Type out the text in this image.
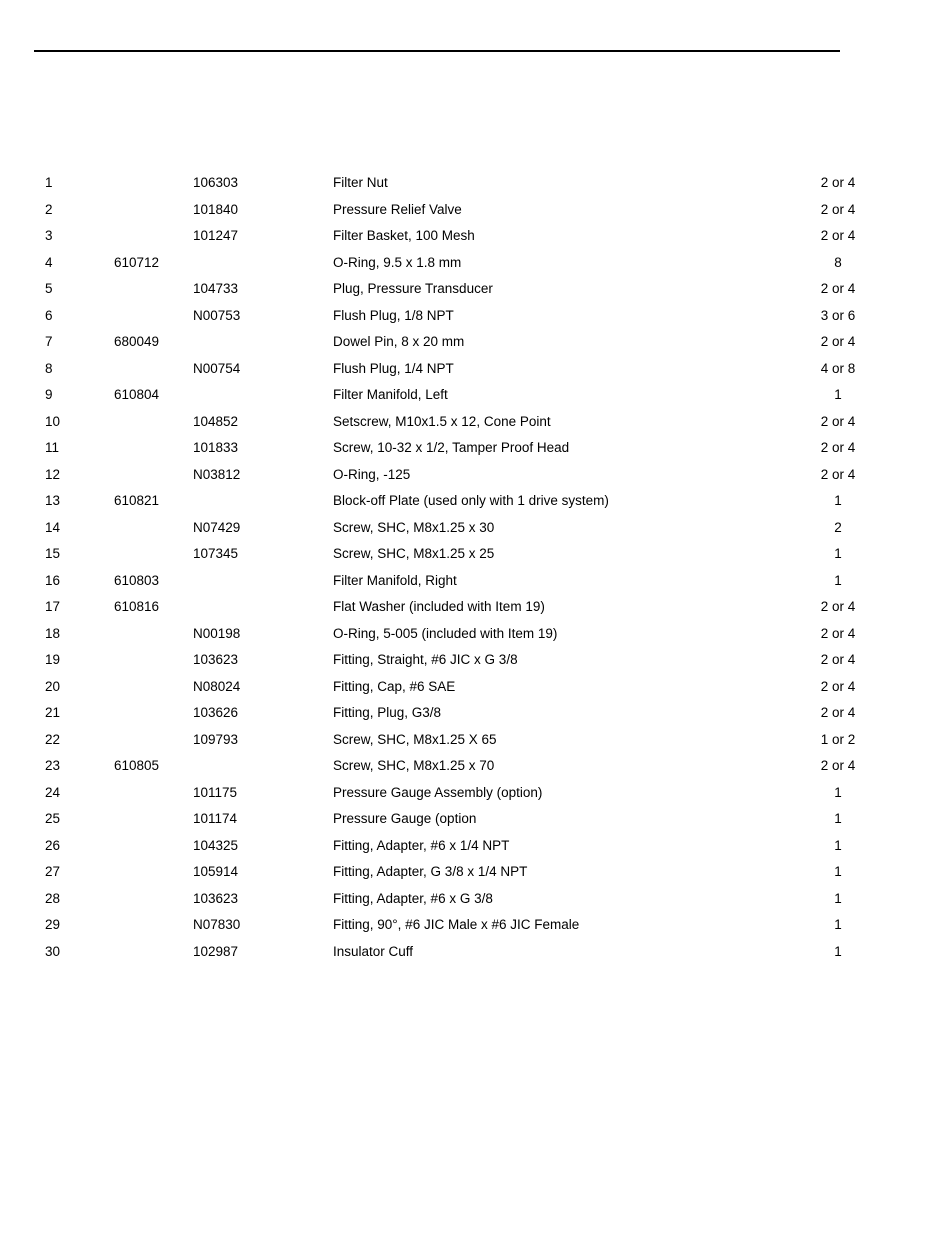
1	106303	Filter Nut	2 or 4
2	101840	Pressure Relief Valve	2 or 4
3	101247	Filter Basket, 100 Mesh	2 or 4
4	610712	O-Ring, 9.5 x 1.8 mm	8
5	104733	Plug, Pressure Transducer	2 or 4
6	N00753	Flush Plug, 1/8 NPT	3 or 6
7	680049	Dowel Pin, 8 x 20 mm	2 or 4
8	N00754	Flush Plug, 1/4 NPT	4 or 8
9	610804	Filter Manifold, Left	1
10	104852	Setscrew, M10x1.5 x 12, Cone Point	2 or 4
11	101833	Screw, 10-32 x 1/2, Tamper Proof Head	2 or 4
12	N03812	O-Ring, -125	2 or 4
13	610821	Block-off Plate (used only with 1 drive system)	1
14	N07429	Screw, SHC, M8x1.25 x 30	2
15	107345	Screw, SHC, M8x1.25 x 25	1
16	610803	Filter Manifold, Right	1
17	610816	Flat Washer (included with Item 19)	2 or 4
18	N00198	O-Ring, 5-005 (included with Item 19)	2 or 4
19	103623	Fitting, Straight, #6 JIC x G 3/8	2 or 4
20	N08024	Fitting, Cap, #6 SAE	2 or 4
21	103626	Fitting, Plug, G3/8	2 or 4
22	109793	Screw, SHC, M8x1.25 X 65	1 or 2
23	610805	Screw, SHC, M8x1.25 x 70	2 or 4
24	101175	Pressure Gauge Assembly (option)	1
25	101174	Pressure Gauge (option	1
26	104325	Fitting, Adapter, #6 x 1/4 NPT	1
27	105914	Fitting, Adapter, G 3/8 x 1/4 NPT	1
28	103623	Fitting, Adapter, #6 x G 3/8	1
29	N07830	Fitting, 90°, #6 JIC Male x #6 JIC Female	1
30	102987	Insulator Cuff	1
